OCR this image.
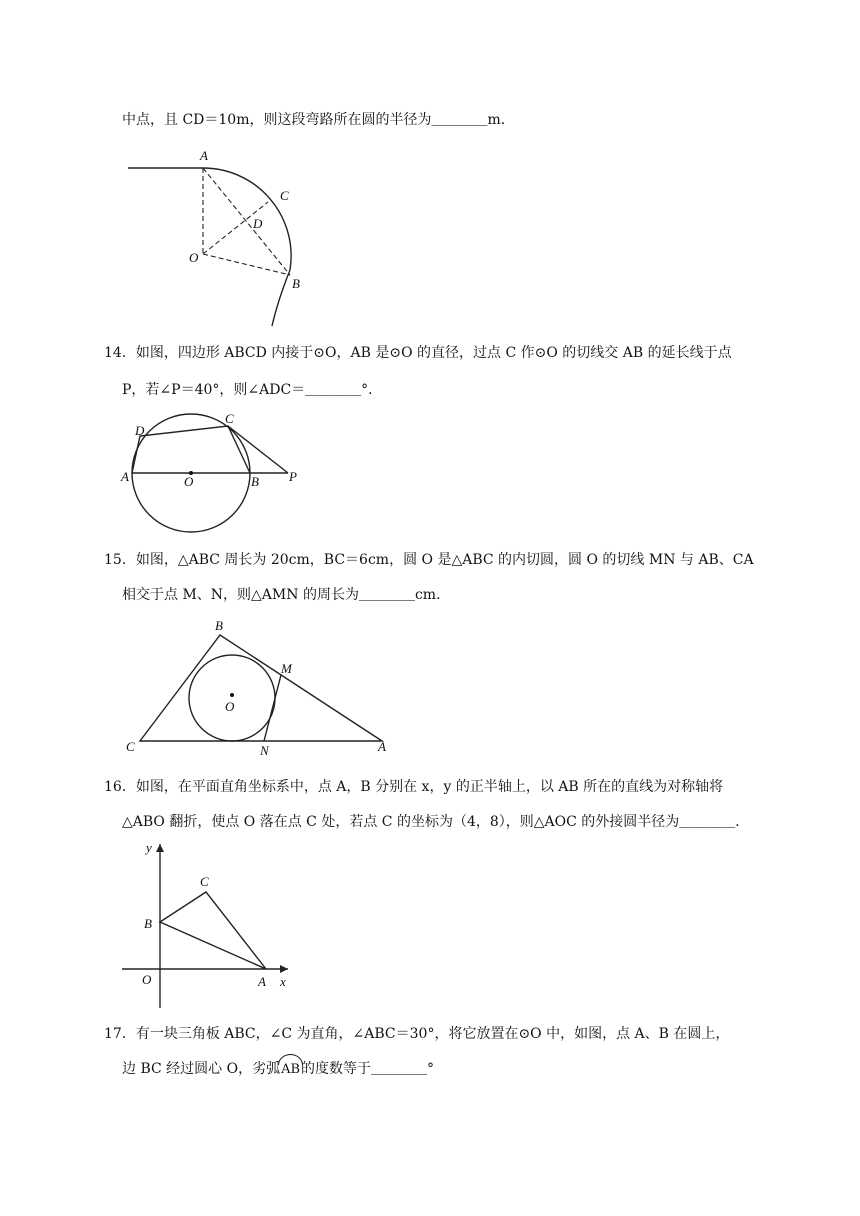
中点，且 CD＝10m，则这段弯路所在圆的半径为＿＿＿＿m．
A
C
D
O
B
14．如图，四边形 ABCD 内接于⊙O，AB 是⊙O 的直径，过点 C 作⊙O 的切线交 AB 的延长线于点
P，若∠P＝40°，则∠ADC＝＿＿＿＿°．
D
C
A	O	B P
15．如图，△ABC 周长为 20cm，BC＝6cm，圆 O 是△ABC 的内切圆，圆 O 的切线 MN 与 AB、CA
相交于点 M、N，则△AMN 的周长为＿＿＿＿cm．
B
M
O
C	N	A
16．如图，在平面直角坐标系中，点 A，B 分别在 x，y 的正半轴上，以 AB 所在的直线为对称轴将
△ABO 翻折，使点 O 落在点 C 处，若点 C 的坐标为（4，8），则△AOC 的外接圆半径为＿＿＿＿．
y
C
B
O	A x
17．有一块三角板 ABC，∠C 为直角，∠ABC＝30°，将它放置在⊙O 中，如图，点 A、B 在圆上，
边 BC 经过圆心 O，劣弧AB的度数等于＿＿＿＿°
